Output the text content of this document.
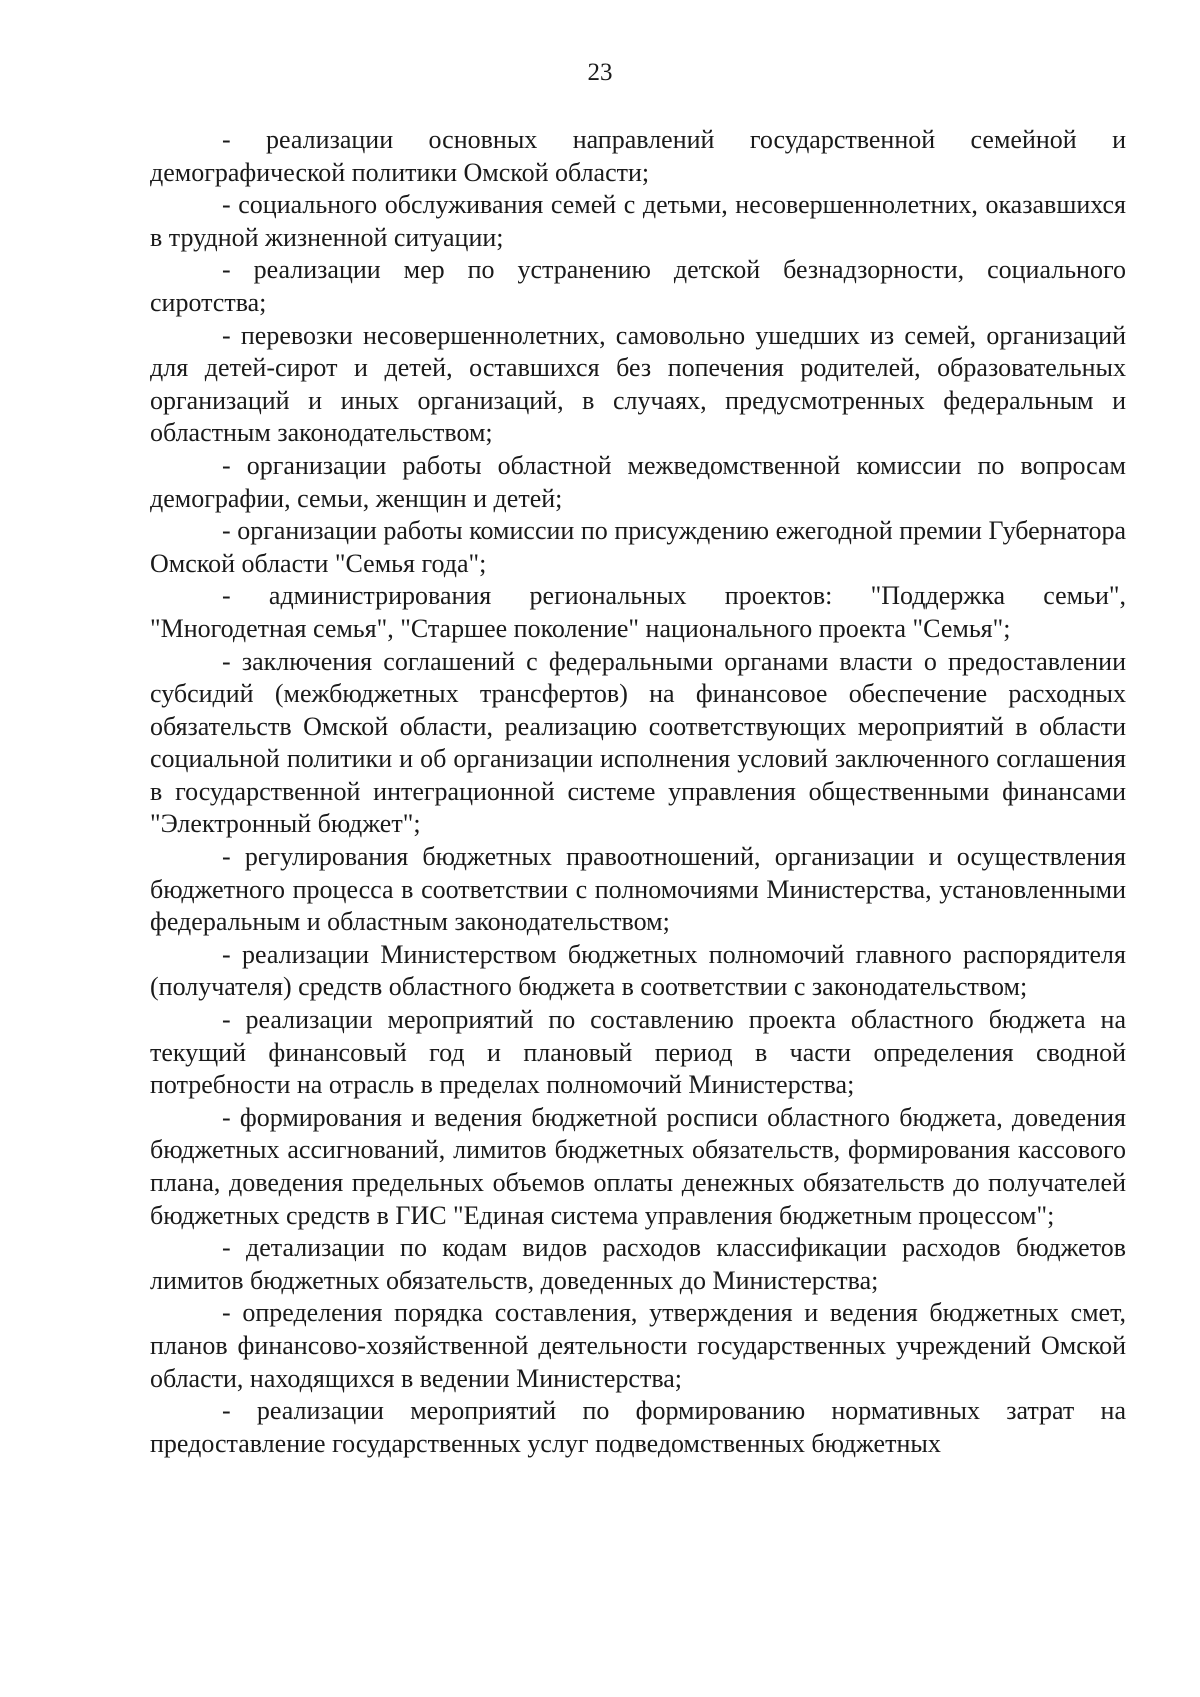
23

- реализации основных направлений государственной семейной и демографической политики Омской области;

- социального обслуживания семей с детьми, несовершеннолетних, оказавшихся в трудной жизненной ситуации;

- реализации мер по устранению детской безнадзорности, социального сиротства;

- перевозки несовершеннолетних, самовольно ушедших из семей, организаций для детей-сирот и детей, оставшихся без попечения родителей, образовательных организаций и иных организаций, в случаях, предусмотренных федеральным и областным законодательством;

- организации работы областной межведомственной комиссии по вопросам демографии, семьи, женщин и детей;

- организации работы комиссии по присуждению ежегодной премии Губернатора Омской области "Семья года";

- администрирования региональных проектов: "Поддержка семьи", "Многодетная семья", "Старшее поколение" национального проекта "Семья";

- заключения соглашений с федеральными органами власти о предоставлении субсидий (межбюджетных трансфертов) на финансовое обеспечение расходных обязательств Омской области, реализацию соответствующих мероприятий в области социальной политики и об организации исполнения условий заключенного соглашения в государственной интеграционной системе управления общественными финансами "Электронный бюджет";

- регулирования бюджетных правоотношений, организации и осуществления бюджетного процесса в соответствии с полномочиями Министерства, установленными федеральным и областным законодательством;

- реализации Министерством бюджетных полномочий главного распорядителя (получателя) средств областного бюджета в соответствии с законодательством;

- реализации мероприятий по составлению проекта областного бюджета на текущий финансовый год и плановый период в части определения сводной потребности на отрасль в пределах полномочий Министерства;

- формирования и ведения бюджетной росписи областного бюджета, доведения бюджетных ассигнований, лимитов бюджетных обязательств, формирования кассового плана, доведения предельных объемов оплаты денежных обязательств до получателей бюджетных средств в ГИС "Единая система управления бюджетным процессом";

- детализации по кодам видов расходов классификации расходов бюджетов лимитов бюджетных обязательств, доведенных до Министерства;

- определения порядка составления, утверждения и ведения бюджетных смет, планов финансово-хозяйственной деятельности государственных учреждений Омской области, находящихся в ведении Министерства;

- реализации мероприятий по формированию нормативных затрат на предоставление государственных услуг подведомственных бюджетных
